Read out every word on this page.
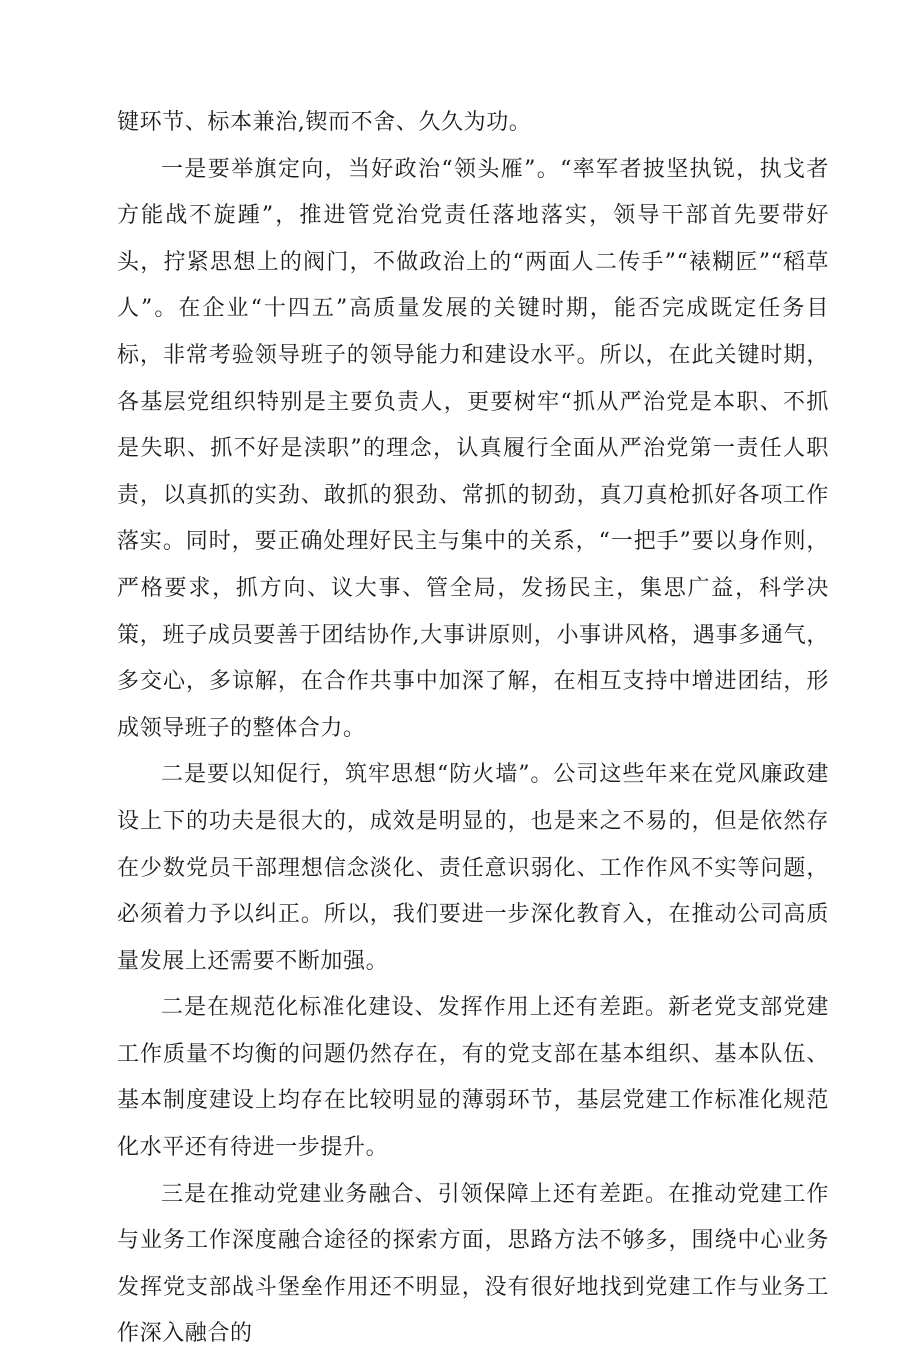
键环节、标本兼治,锲而不舍、久久为功。

一是要举旗定向，当好政治“领头雁”。“率军者披坚执锐，执戈者方能战不旋踵”，推进管党治党责任落地落实，领导干部首先要带好头，拧紧思想上的阀门，不做政治上的“两面人二传手”“裱糊匠”“稻草人”。在企业“十四五”高质量发展的关键时期，能否完成既定任务目标，非常考验领导班子的领导能力和建设水平。所以，在此关键时期，各基层党组织特别是主要负责人，更要树牢“抓从严治党是本职、不抓是失职、抓不好是渎职”的理念，认真履行全面从严治党第一责任人职责，以真抓的实劲、敢抓的狠劲、常抓的韧劲，真刀真枪抓好各项工作落实。同时，要正确处理好民主与集中的关系，“一把手”要以身作则，严格要求，抓方向、议大事、管全局，发扬民主，集思广益，科学决策，班子成员要善于团结协作,大事讲原则，小事讲风格，遇事多通气，多交心，多谅解，在合作共事中加深了解，在相互支持中增进团结，形成领导班子的整体合力。

二是要以知促行，筑牢思想“防火墙”。公司这些年来在党风廉政建设上下的功夫是很大的，成效是明显的，也是来之不易的，但是依然存在少数党员干部理想信念淡化、责任意识弱化、工作作风不实等问题，必须着力予以纠正。所以，我们要进一步深化教育入，在推动公司高质量发展上还需要不断加强。

二是在规范化标准化建设、发挥作用上还有差距。新老党支部党建工作质量不均衡的问题仍然存在，有的党支部在基本组织、基本队伍、基本制度建设上均存在比较明显的薄弱环节，基层党建工作标准化规范化水平还有待进一步提升。

三是在推动党建业务融合、引领保障上还有差距。在推动党建工作与业务工作深度融合途径的探索方面，思路方法不够多，围绕中心业务发挥党支部战斗堡垒作用还不明显，没有很好地找到党建工作与业务工作深入融合的
